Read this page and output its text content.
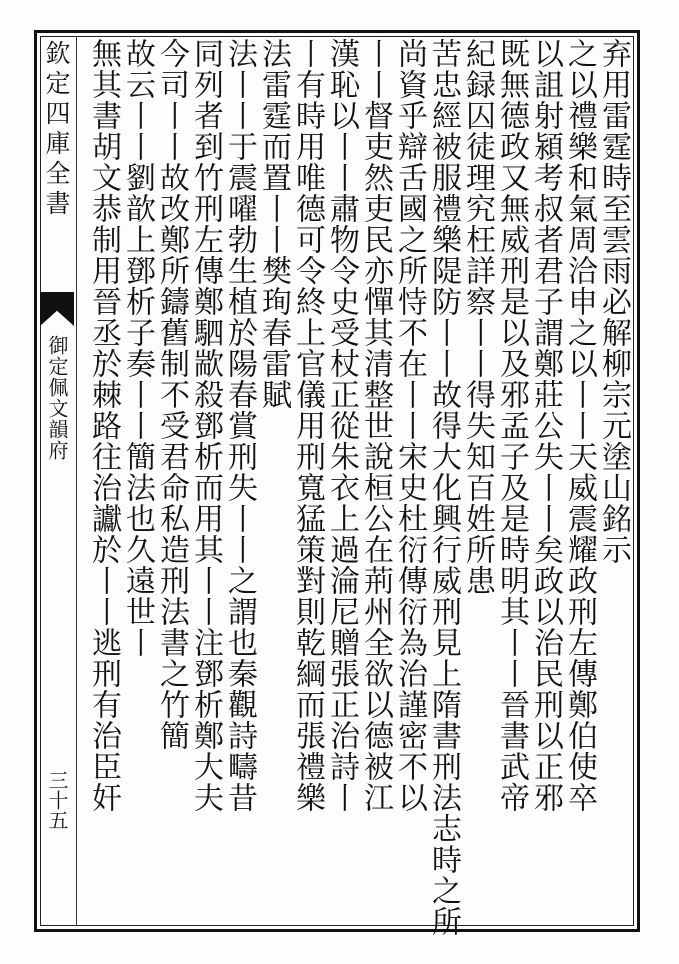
欽定四庫全書
御定佩文韻府
三十五
弃用雷霆時至雲雨必解柳宗元塗山銘示
之以禮樂和氣周洽申之以丨丨天威震耀政刑左傳鄭伯使卒
以詛射潁考叔者君子謂鄭莊公失丨丨矣政以治民刑以正邪
既無德政又無威刑是以及邪孟子及是時明其丨丨晉書武帝
紀録囚徒理究枉詳察丨丨得失知百姓所患
苦忠經被服禮樂隄防丨丨故得大化興行威刑見上隋書刑法志時之所
尚資乎辯舌國之所恃不在丨丨宋史杜衍傳衍為治謹密不以
丨丨督吏然吏民亦憚其清整世說桓公在荊州全欲以德被江
漢恥以丨丨肅物令史受杖正從朱衣上過淪尼贈張正治詩丨
丨有時用唯德可令終上官儀用刑寬猛策對則乾綱而張禮樂
法雷霆而置丨丨樊珣春雷賦
法丨丨于震嚁勃生植於陽春賞刑失丨丨之謂也秦觀詩疇昔
同列者到竹刑左傳鄭駟歂殺鄧析而用其丨丨注鄧析鄭大夫
今司丨丨故改鄭所鑄舊制不受君命私造刑法書之竹簡
故云丨丨劉歆上鄧析子奏丨丨簡法也久遠世丨
無其書胡文恭制用晉丞於棘路往治讞於丨丨逃刑有治臣奸
